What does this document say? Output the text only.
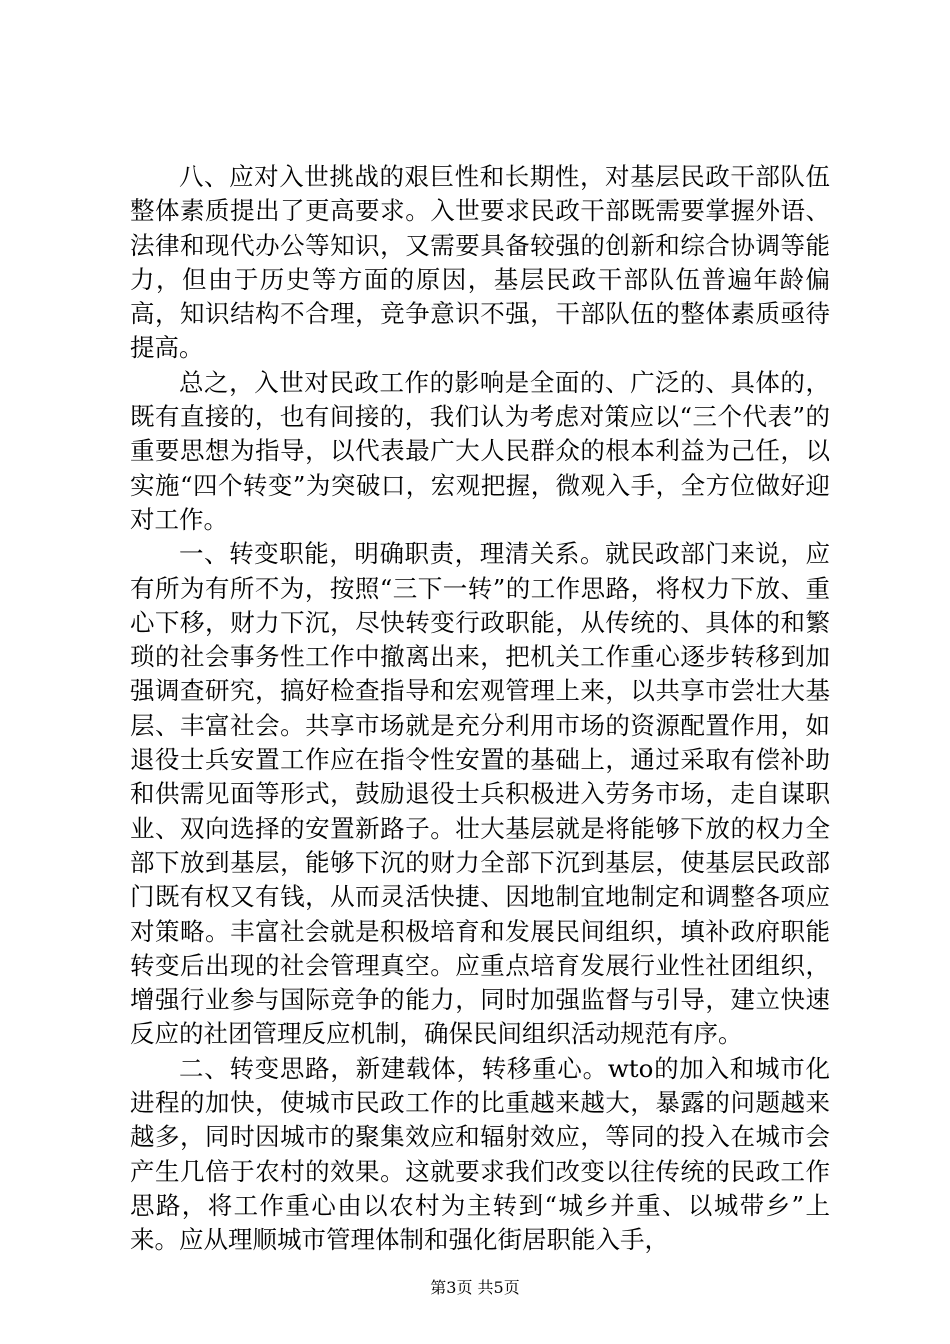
八、应对入世挑战的艰巨性和长期性，对基层民政干部队伍整体素质提出了更高要求。入世要求民政干部既需要掌握外语、法律和现代办公等知识，又需要具备较强的创新和综合协调等能力，但由于历史等方面的原因，基层民政干部队伍普遍年龄偏高，知识结构不合理，竞争意识不强，干部队伍的整体素质亟待提高。

总之，入世对民政工作的影响是全面的、广泛的、具体的，既有直接的，也有间接的，我们认为考虑对策应以“三个代表”的重要思想为指导，以代表最广大人民群众的根本利益为己任，以实施“四个转变”为突破口，宏观把握，微观入手，全方位做好迎对工作。

一、转变职能，明确职责，理清关系。就民政部门来说，应有所为有所不为，按照“三下一转”的工作思路，将权力下放、重心下移，财力下沉，尽快转变行政职能，从传统的、具体的和繁琐的社会事务性工作中撤离出来，把机关工作重心逐步转移到加强调查研究，搞好检查指导和宏观管理上来，以共享市尝壮大基层、丰富社会。共享市场就是充分利用市场的资源配置作用，如退役士兵安置工作应在指令性安置的基础上，通过采取有偿补助和供需见面等形式，鼓励退役士兵积极进入劳务市场，走自谋职业、双向选择的安置新路子。壮大基层就是将能够下放的权力全部下放到基层，能够下沉的财力全部下沉到基层，使基层民政部门既有权又有钱，从而灵活快捷、因地制宜地制定和调整各项应对策略。丰富社会就是积极培育和发展民间组织，填补政府职能转变后出现的社会管理真空。应重点培育发展行业性社团组织，增强行业参与国际竞争的能力，同时加强监督与引导，建立快速反应的社团管理反应机制，确保民间组织活动规范有序。

二、转变思路，新建载体，转移重心。wto的加入和城市化进程的加快，使城市民政工作的比重越来越大，暴露的问题越来越多，同时因城市的聚集效应和辐射效应，等同的投入在城市会产生几倍于农村的效果。这就要求我们改变以往传统的民政工作思路，将工作重心由以农村为主转到“城乡并重、以城带乡”上来。应从理顺城市管理体制和强化街居职能入手，

第3页 共5页
